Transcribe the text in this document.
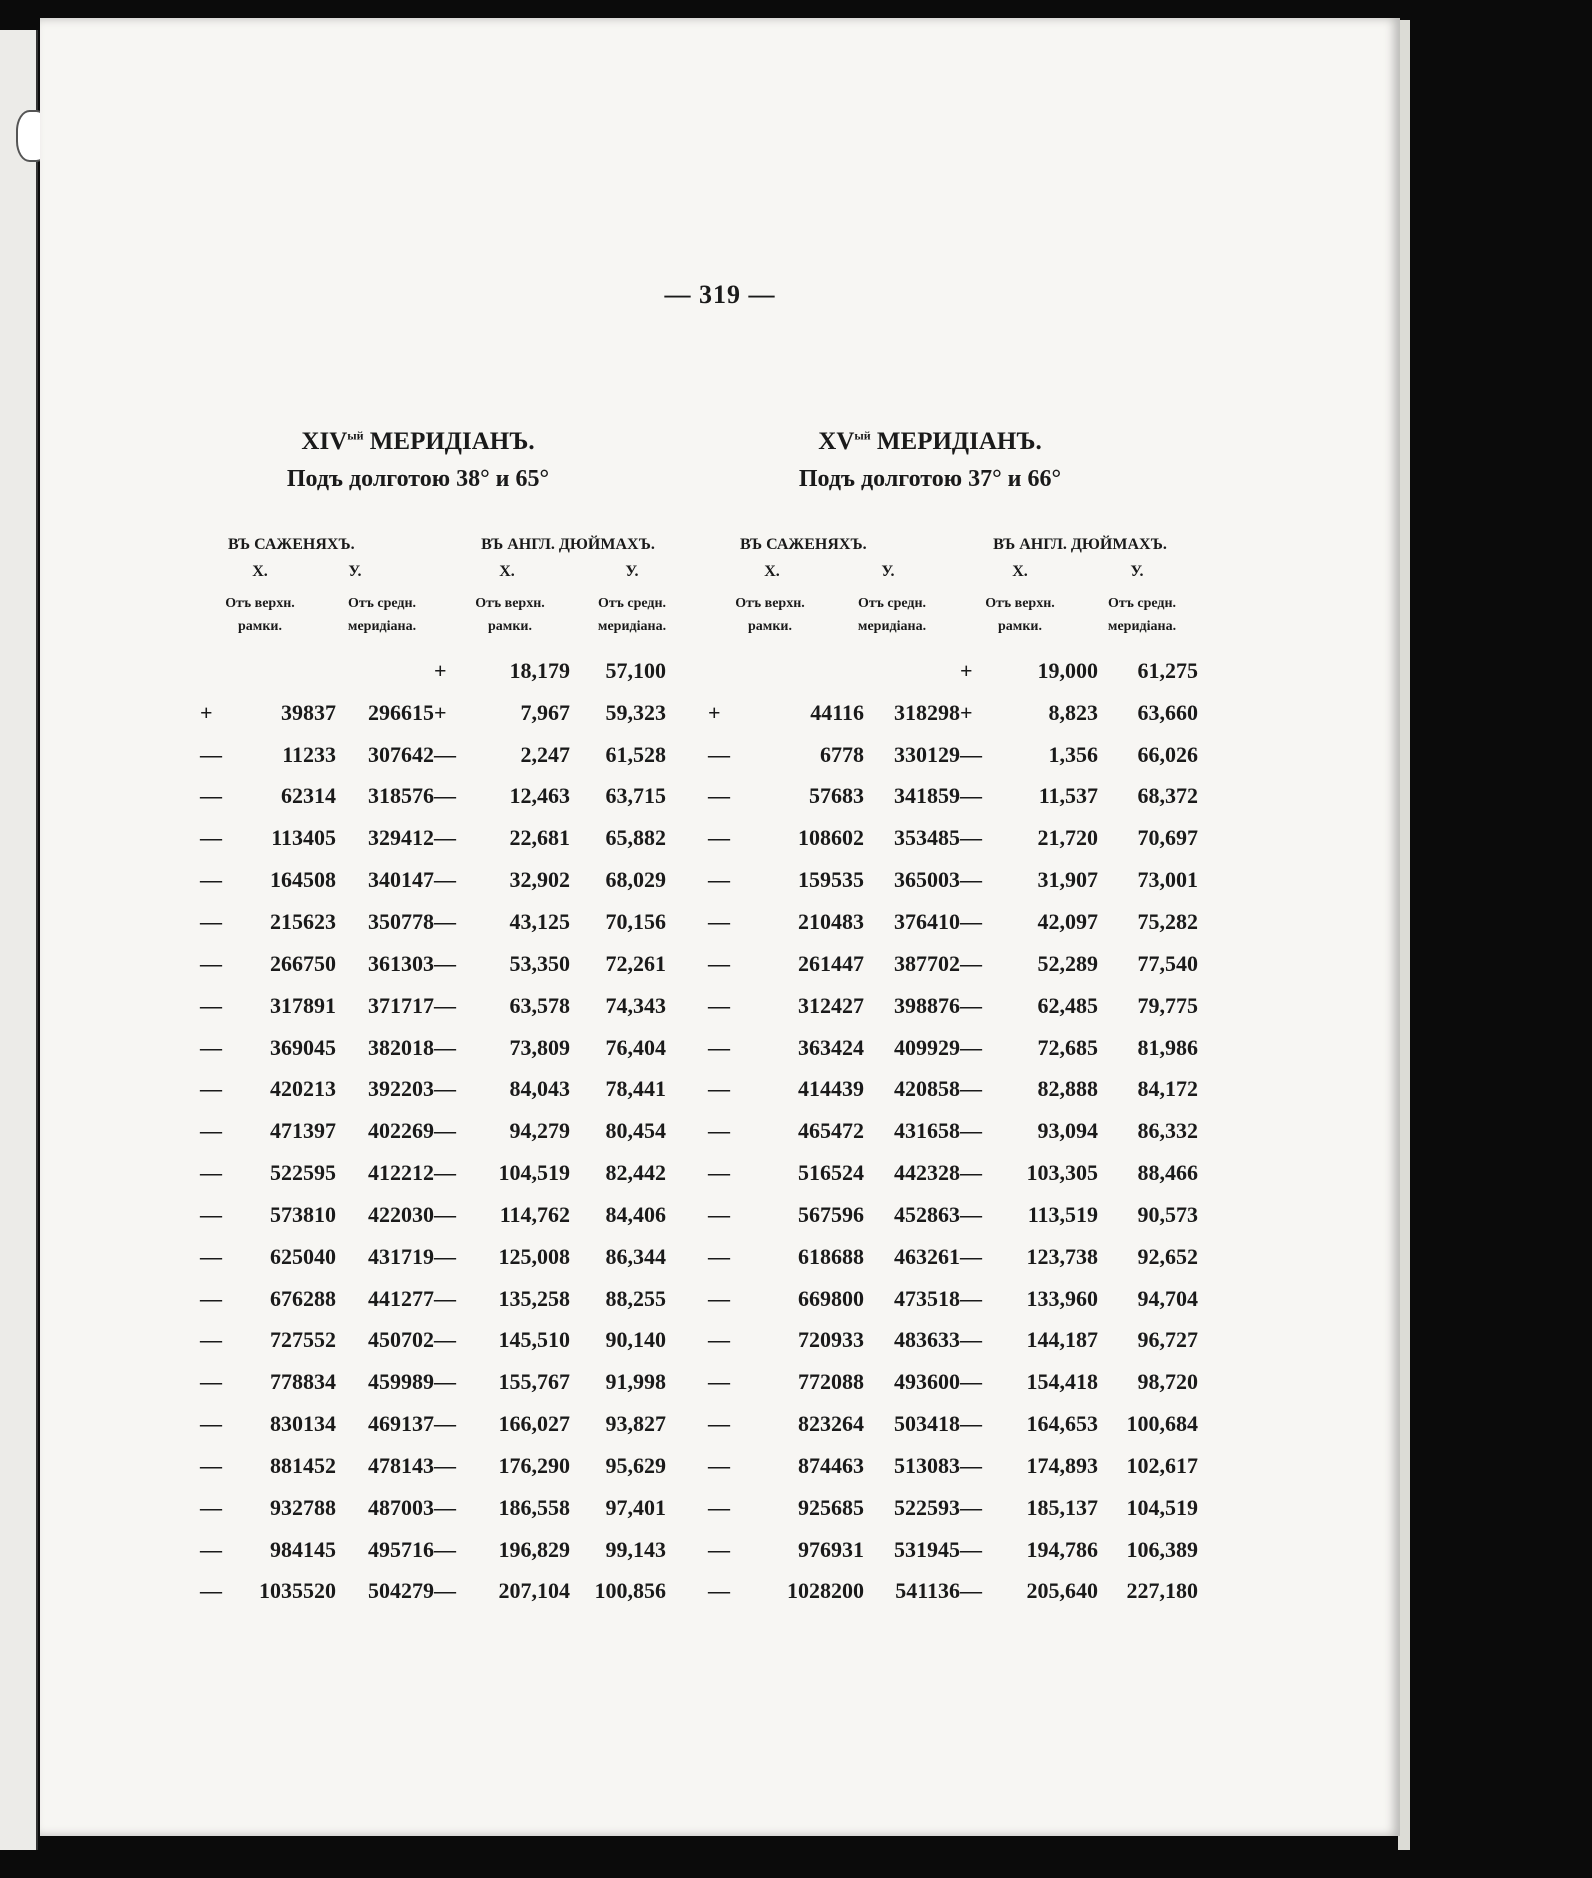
— 319 —
$XIV^{ый}$ МЕРИДІАНЪ.
Подъ долготою 38° и 65°
$XV^{ый}$ МЕРИДІАНЪ.
Подъ долготою 37° и 66°
ВЪ САЖЕНЯХЪ.	ВЪ АНГЛ. ДЮЙМАХЪ.
X.	У.	X.	У.
Отъ верхн.
рамки.
Отъ средн.
меридіана.
Отъ верхн.
рамки.
Отъ средн.
меридіана.
ВЪ САЖЕНЯХЪ.	ВЪ АНГЛ. ДЮЙМАХЪ.
X.	У.	X.	У.
Отъ верхн.
рамки.
Отъ средн.
меридіана.
Отъ верхн.
рамки.
Отъ средн.
меридіана.
			+	18,179	57,100
+	39837	296615	+	7,967	59,323
—	11233	307642	—	2,247	61,528
—	62314	318576	—	12,463	63,715
—	113405	329412	—	22,681	65,882
—	164508	340147	—	32,902	68,029
—	215623	350778	—	43,125	70,156
—	266750	361303	—	53,350	72,261
—	317891	371717	—	63,578	74,343
—	369045	382018	—	73,809	76,404
—	420213	392203	—	84,043	78,441
—	471397	402269	—	94,279	80,454
—	522595	412212	—	104,519	82,442
—	573810	422030	—	114,762	84,406
—	625040	431719	—	125,008	86,344
—	676288	441277	—	135,258	88,255
—	727552	450702	—	145,510	90,140
—	778834	459989	—	155,767	91,998
—	830134	469137	—	166,027	93,827
—	881452	478143	—	176,290	95,629
—	932788	487003	—	186,558	97,401
—	984145	495716	—	196,829	99,143
—	1035520	504279	—	207,104	100,856
			+	19,000	61,275
+	44116	318298	+	8,823	63,660
—	6778	330129	—	1,356	66,026
—	57683	341859	—	11,537	68,372
—	108602	353485	—	21,720	70,697
—	159535	365003	—	31,907	73,001
—	210483	376410	—	42,097	75,282
—	261447	387702	—	52,289	77,540
—	312427	398876	—	62,485	79,775
—	363424	409929	—	72,685	81,986
—	414439	420858	—	82,888	84,172
—	465472	431658	—	93,094	86,332
—	516524	442328	—	103,305	88,466
—	567596	452863	—	113,519	90,573
—	618688	463261	—	123,738	92,652
—	669800	473518	—	133,960	94,704
—	720933	483633	—	144,187	96,727
—	772088	493600	—	154,418	98,720
—	823264	503418	—	164,653	100,684
—	874463	513083	—	174,893	102,617
—	925685	522593	—	185,137	104,519
—	976931	531945	—	194,786	106,389
—	1028200	541136	—	205,640	227,180
